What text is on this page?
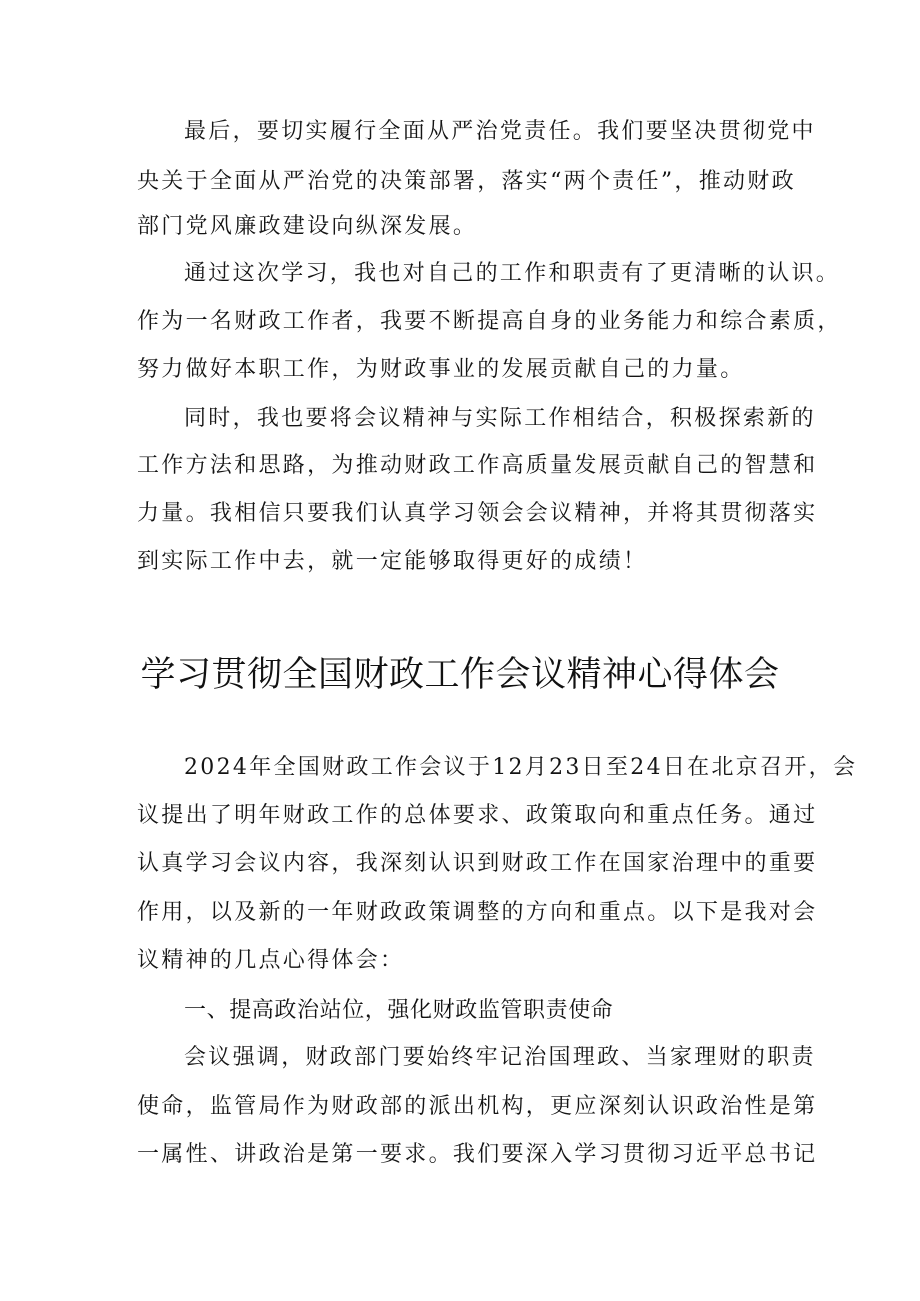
最后，要切实履行全面从严治党责任。我们要坚决贯彻党中
央关于全面从严治党的决策部署，落实“两个责任”，推动财政
部门党风廉政建设向纵深发展。
通过这次学习，我也对自己的工作和职责有了更清晰的认识。
作为一名财政工作者，我要不断提高自身的业务能力和综合素质，
努力做好本职工作，为财政事业的发展贡献自己的力量。
同时，我也要将会议精神与实际工作相结合，积极探索新的
工作方法和思路，为推动财政工作高质量发展贡献自己的智慧和
力量。我相信只要我们认真学习领会会议精神，并将其贯彻落实
到实际工作中去，就一定能够取得更好的成绩！
学习贯彻全国财政工作会议精神心得体会
2024年全国财政工作会议于12月23日至24日在北京召开，会
议提出了明年财政工作的总体要求、政策取向和重点任务。通过
认真学习会议内容，我深刻认识到财政工作在国家治理中的重要
作用，以及新的一年财政政策调整的方向和重点。以下是我对会
议精神的几点心得体会：
一、提高政治站位，强化财政监管职责使命
会议强调，财政部门要始终牢记治国理政、当家理财的职责
使命，监管局作为财政部的派出机构，更应深刻认识政治性是第
一属性、讲政治是第一要求。我们要深入学习贯彻习近平总书记
